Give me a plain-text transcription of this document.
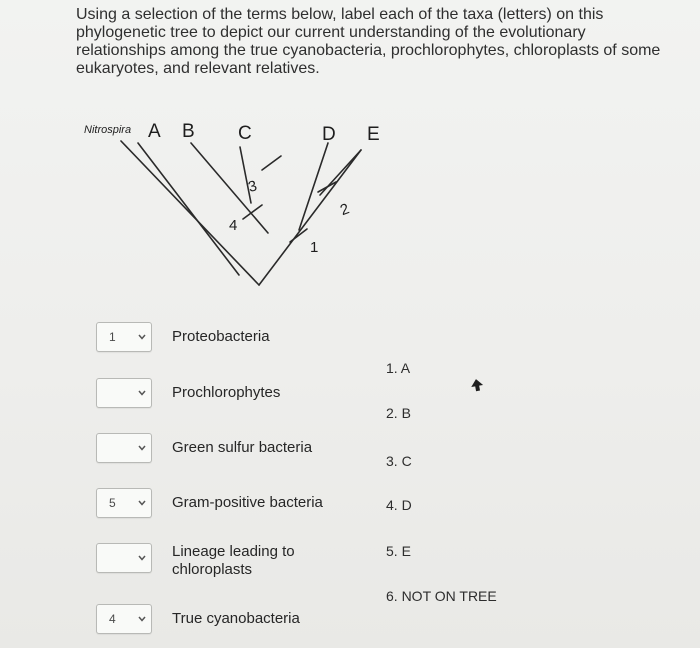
Using a selection of the terms below, label each of the taxa (letters) on this phylogenetic tree to depict our current understanding of the evolutionary relationships among the true cyanobacteria, prochlorophytes, chloroplasts of some eukaryotes, and relevant relatives.
Nitrospira A B C	D E
1
2
3
4
1	Proteobacteria
Prochlorophytes
Green sulfur bacteria
5	Gram-positive bacteria
Lineage leading to chloroplasts
4	True cyanobacteria
1. A
2. B
3. C
4. D
5. E
6. NOT ON TREE
